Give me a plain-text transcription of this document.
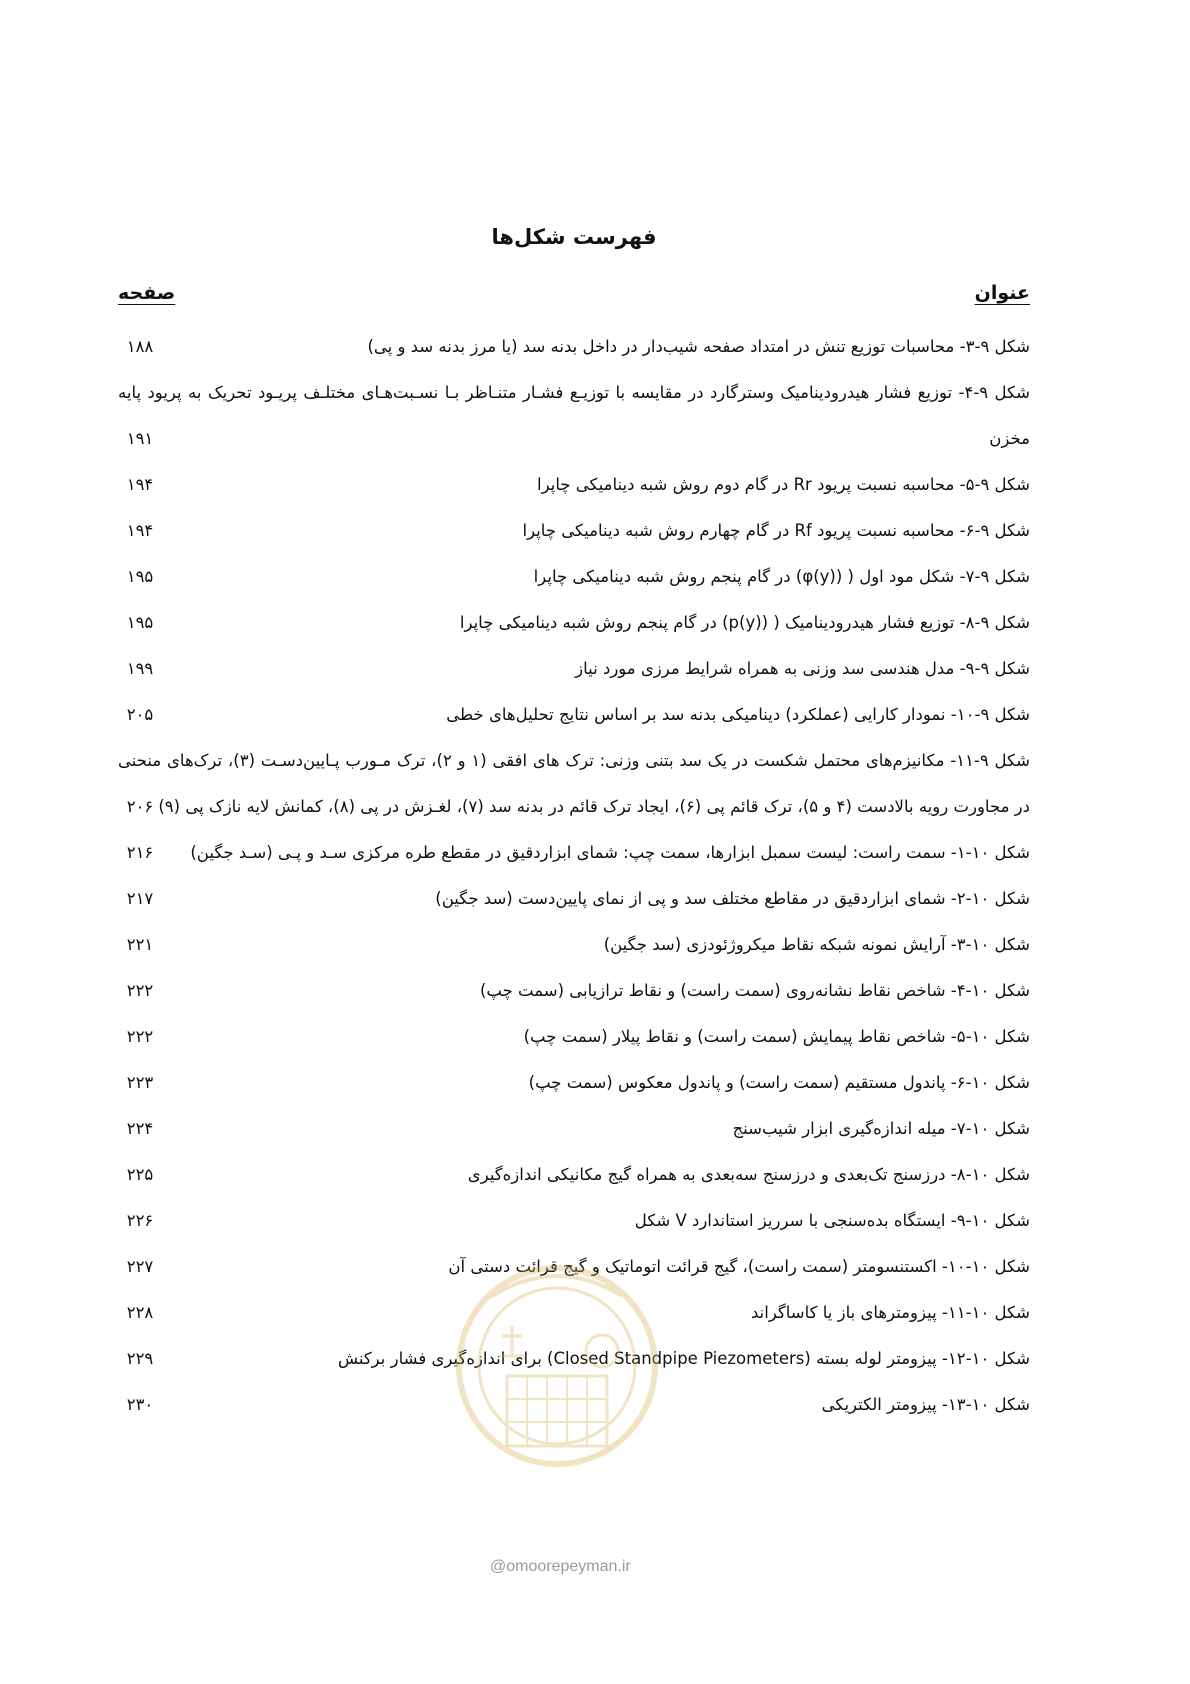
فهرست شکل‌ها
عنوان
صفحه
شکل ۹-۳- محاسبات توزیع تنش در امتداد صفحه شیب‌دار در داخل بدنه سد (یا مرز بدنه سد و پی)
۱۸۸
شکل ۹-۴- توزیع فشار هیدرودینامیک وسترگارد در مقایسه با توزیـع فشـار متنـاظر بـا نسـبت‌هـای مختلـف پریـود تحریک به پریود پایه مخزن
۱۹۱
شکل ۹-۵- محاسبه نسبت پریود Rr در گام دوم روش شبه دینامیکی چاپرا
۱۹۴
شکل ۹-۶- محاسبه نسبت پریود Rf در گام چهارم روش شبه دینامیکی چاپرا
۱۹۴
شکل ۹-۷- شکل مود اول ( (φ(y)) در گام پنجم روش شبه دینامیکی چاپرا
۱۹۵
شکل ۹-۸- توزیع فشار هیدرودینامیک ( (p(y)) در گام پنجم روش شبه دینامیکی چاپرا
۱۹۵
شکل ۹-۹- مدل هندسی سد وزنی به همراه شرایط مرزی مورد نیاز
۱۹۹
شکل ۹-۱۰- نمودار کارایی (عملکرد) دینامیکی بدنه سد بر اساس نتایج تحلیل‌های خطی
۲۰۵
شکل ۹-۱۱- مکانیزم‌های محتمل شکست در یک سد بتنی وزنی: ترک های افقی (۱ و ۲)، ترک مـورب پـایین‌دسـت (۳)، ترک‌های منحنی در مجاورت رویه بالادست (۴ و ۵)، ترک قائم پی (۶)، ایجاد ترک قائم در بدنه سد (۷)، لغـزش در پی (۸)، کمانش لایه نازک پی (۹)
۲۰۶
شکل ۱۰-۱- سمت راست: لیست سمبل ابزارها، سمت چپ: شمای ابزاردقیق در مقطع طره مرکزی سـد و پـی (سـد جگین)
۲۱۶
شکل ۱۰-۲- شمای ابزاردقیق در مقاطع مختلف سد و پی از نمای پایین‌دست (سد جگین)
۲۱۷
شکل ۱۰-۳- آرایش نمونه شبکه نقاط میکروژئودزی (سد جگین)
۲۲۱
شکل ۱۰-۴- شاخص نقاط نشانه‌روی (سمت راست) و نقاط ترازیابی (سمت چپ)
۲۲۲
شکل ۱۰-۵- شاخص نقاط پیمایش (سمت راست) و نقاط پیلار (سمت چپ)
۲۲۲
شکل ۱۰-۶- پاندول مستقیم (سمت راست) و پاندول معکوس (سمت چپ)
۲۲۳
شکل ۱۰-۷- میله اندازه‌گیری ابزار شیب‌سنج
۲۲۴
شکل ۱۰-۸- درزسنج تک‌بعدی و درزسنج سه‌بعدی به همراه گیج مکانیکی اندازه‌گیری
۲۲۵
شکل ۱۰-۹- ایستگاه بده‌سنجی با سرریز استاندارد V شکل
۲۲۶
شکل ۱۰-۱۰- اکستنسومتر (سمت راست)، گیج قرائت اتوماتیک و گیج قرائت دستی آن
۲۲۷
شکل ۱۰-۱۱- پیزومترهای باز یا کاساگراند
۲۲۸
شکل ۱۰-۱۲- پیزومتر لوله بسته (Closed Standpipe Piezometers) برای اندازه‌گیری فشار برکنش
۲۲۹
شکل ۱۰-۱۳- پیزومتر الکتریکی
۲۳۰
@omoorepeyman.ir
